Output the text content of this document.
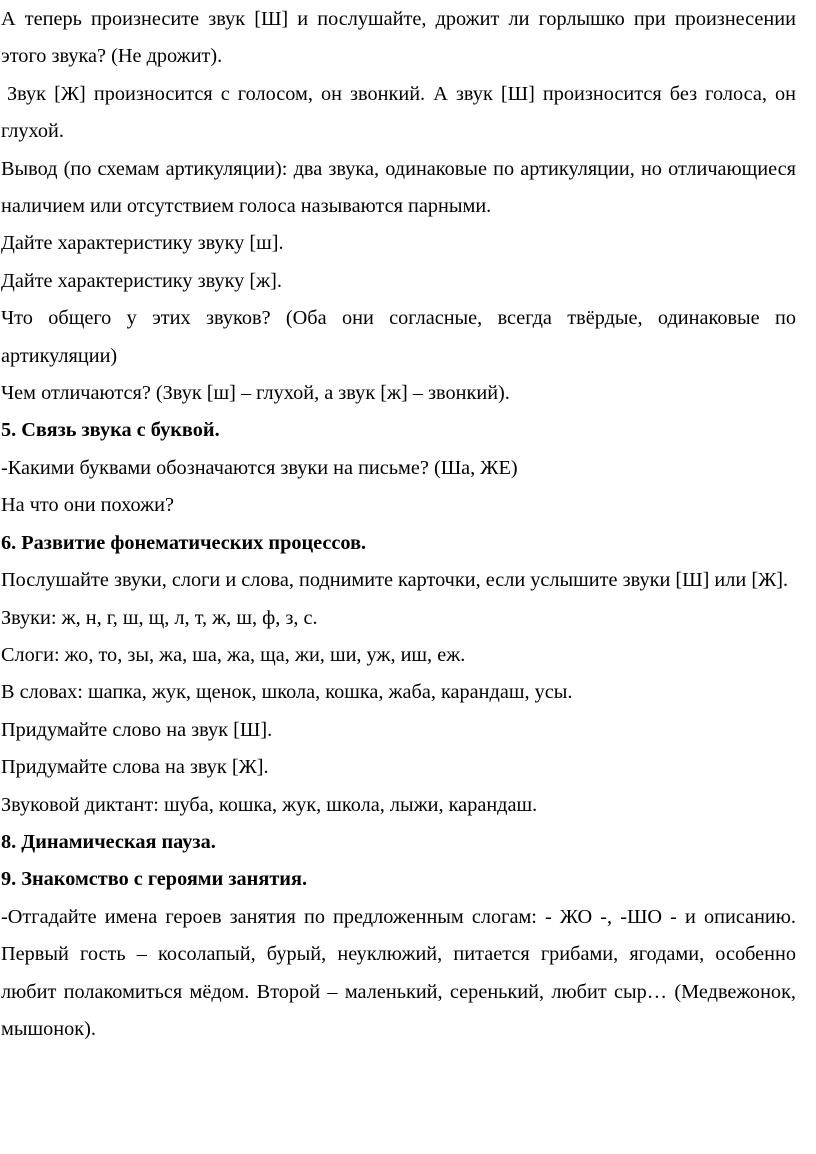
А теперь произнесите звук [Ш] и послушайте, дрожит ли горлышко при произнесении этого звука? (Не дрожит).

Звук [Ж] произносится с голосом, он звонкий. А звук [Ш] произносится без голоса, он глухой.

Вывод (по схемам артикуляции): два звука, одинаковые по артикуляции, но отличающиеся наличием или отсутствием голоса называются парными.

Дайте характеристику звуку [ш].

Дайте характеристику звуку [ж].

Что общего у этих звуков? (Оба они согласные, всегда твёрдые, одинаковые по артикуляции)

Чем отличаются? (Звук [ш] – глухой, а звук [ж] – звонкий).

5. Связь звука с буквой.

-Какими буквами обозначаются звуки на письме? (Ша, ЖЕ)

На что они похожи?

6. Развитие фонематических процессов.

Послушайте звуки, слоги и слова, поднимите карточки, если услышите звуки [Ш] или [Ж].

Звуки: ж, н, г, ш, щ, л, т, ж, ш, ф, з, с.

Слоги: жо, то, зы, жа, ша, жа, ща, жи, ши, уж, иш, еж.

В словах: шапка, жук, щенок, школа, кошка, жаба, карандаш, усы.

Придумайте слово на звук [Ш].

Придумайте слова на звук [Ж].

Звуковой диктант: шуба, кошка, жук, школа, лыжи, карандаш.

8. Динамическая пауза.

9. Знакомство с героями занятия.

-Отгадайте имена героев занятия по предложенным слогам: - ЖО -, -ШО - и описанию. Первый гость – косолапый, бурый, неуклюжий, питается грибами, ягодами, особенно любит полакомиться мёдом. Второй – маленький, серенький, любит сыр… (Медвежонок, мышонок).
